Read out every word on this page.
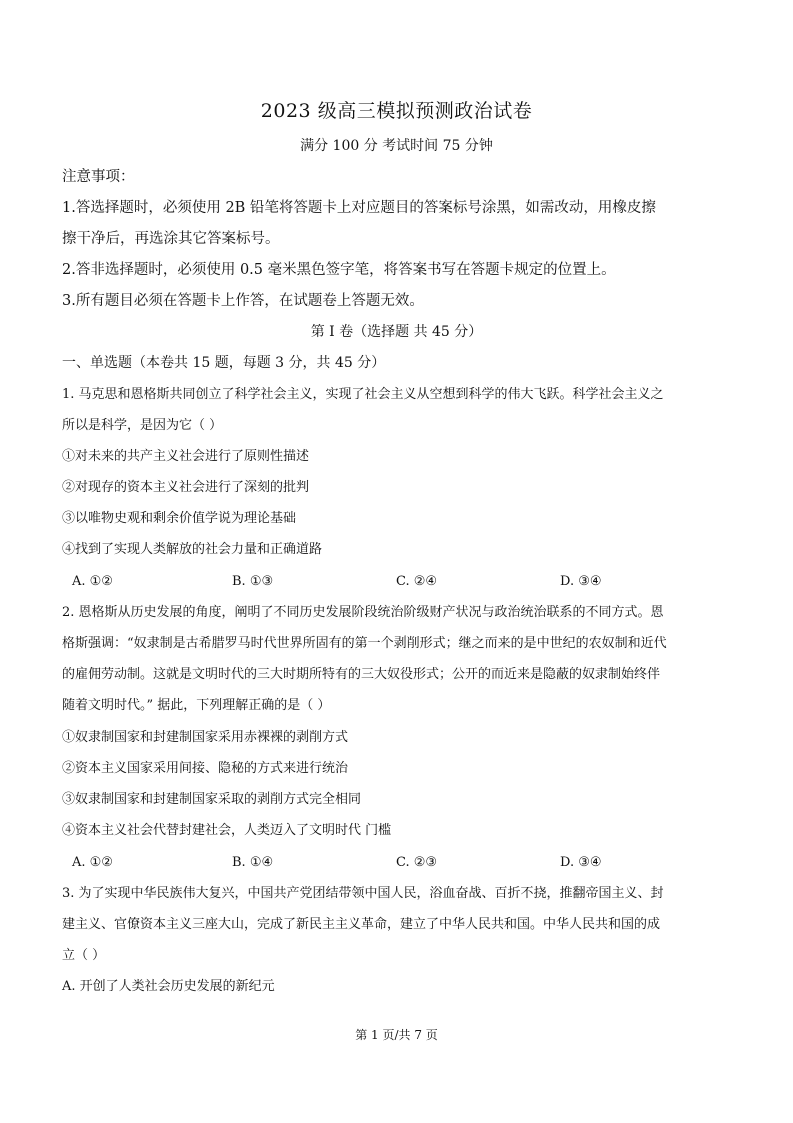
2023 级高三模拟预测政治试卷
满分 100 分 考试时间 75 分钟
注意事项：
1.答选择题时，必须使用 2B 铅笔将答题卡上对应题目的答案标号涂黑，如需改动，用橡皮擦
擦干净后，再选涂其它答案标号。
2.答非选择题时，必须使用 0.5 毫米黑色签字笔，将答案书写在答题卡规定的位置上。
3.所有题目必须在答题卡上作答，在试题卷上答题无效。
第 I 卷（选择题 共 45 分）
一、单选题（本卷共 15 题，每题 3 分，共 45 分）
1. 马克思和恩格斯共同创立了科学社会主义，实现了社会主义从空想到科学的伟大飞跃。科学社会主义之
所以是科学，是因为它（ ）
①对未来的共产主义社会进行了原则性描述
②对现存的资本主义社会进行了深刻的批判
③以唯物史观和剩余价值学说为理论基础
④找到了实现人类解放的社会力量和正确道路
A. ①②	B. ①③	C. ②④	D. ③④
2. 恩格斯从历史发展的角度，阐明了不同历史发展阶段统治阶级财产状况与政治统治联系的不同方式。恩
格斯强调：“奴隶制是古希腊罗马时代世界所固有的第一个剥削形式；继之而来的是中世纪的农奴制和近代
的雇佣劳动制。这就是文明时代的三大时期所特有的三大奴役形式；公开的而近来是隐蔽的奴隶制始终伴
随着文明时代。” 据此，下列理解正确的是（ ）
①奴隶制国家和封建制国家采用赤裸裸的剥削方式
②资本主义国家采用间接、隐秘的方式来进行统治
③奴隶制国家和封建制国家采取的剥削方式完全相同
④资本主义社会代替封建社会，人类迈入了文明时代 门槛
A. ①②	B. ①④	C. ②③	D. ③④
3. 为了实现中华民族伟大复兴，中国共产党团结带领中国人民，浴血奋战、百折不挠，推翻帝国主义、封
建主义、官僚资本主义三座大山，完成了新民主主义革命，建立了中华人民共和国。中华人民共和国的成
立（ ）
A. 开创了人类社会历史发展的新纪元
第 1 页/共 7 页
